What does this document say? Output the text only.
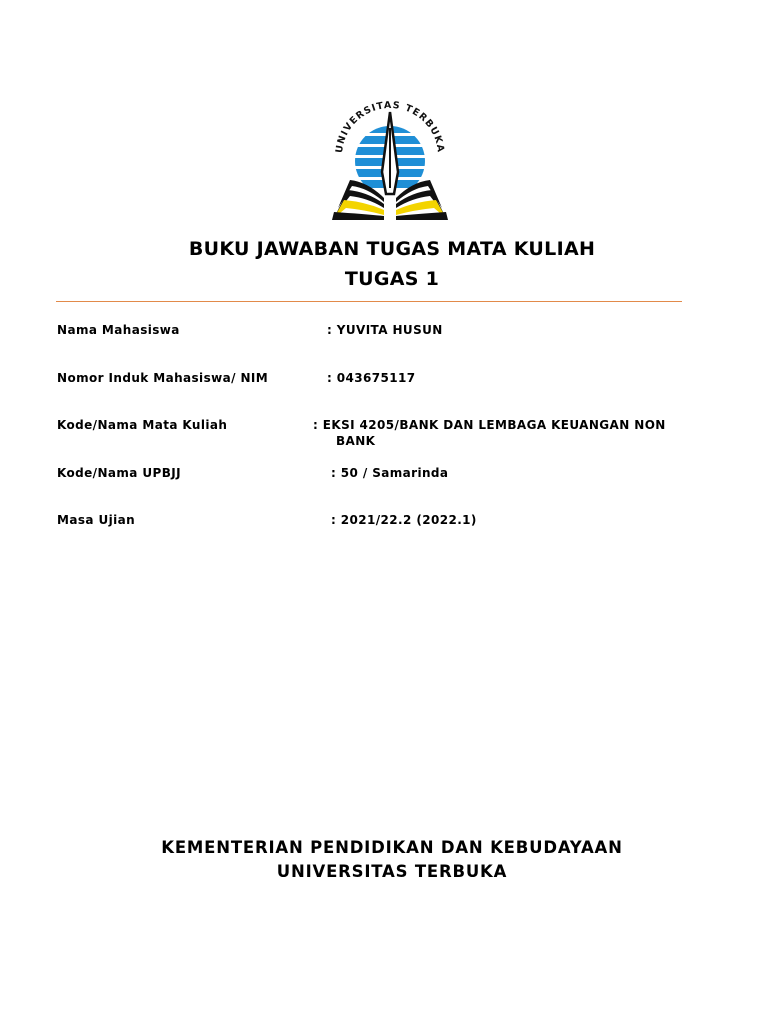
UNIVERSITAS TERBUKA
BUKU JAWABAN TUGAS MATA KULIAH
TUGAS 1
Nama Mahasiswa	: YUVITA HUSUN
Nomor Induk Mahasiswa/ NIM	: 043675117
Kode/Nama Mata Kuliah	: EKSI 4205/BANK DAN LEMBAGA KEUANGAN NON
BANK
Kode/Nama UPBJJ	: 50 / Samarinda
Masa Ujian	: 2021/22.2 (2022.1)
KEMENTERIAN PENDIDIKAN DAN KEBUDAYAAN
UNIVERSITAS TERBUKA
